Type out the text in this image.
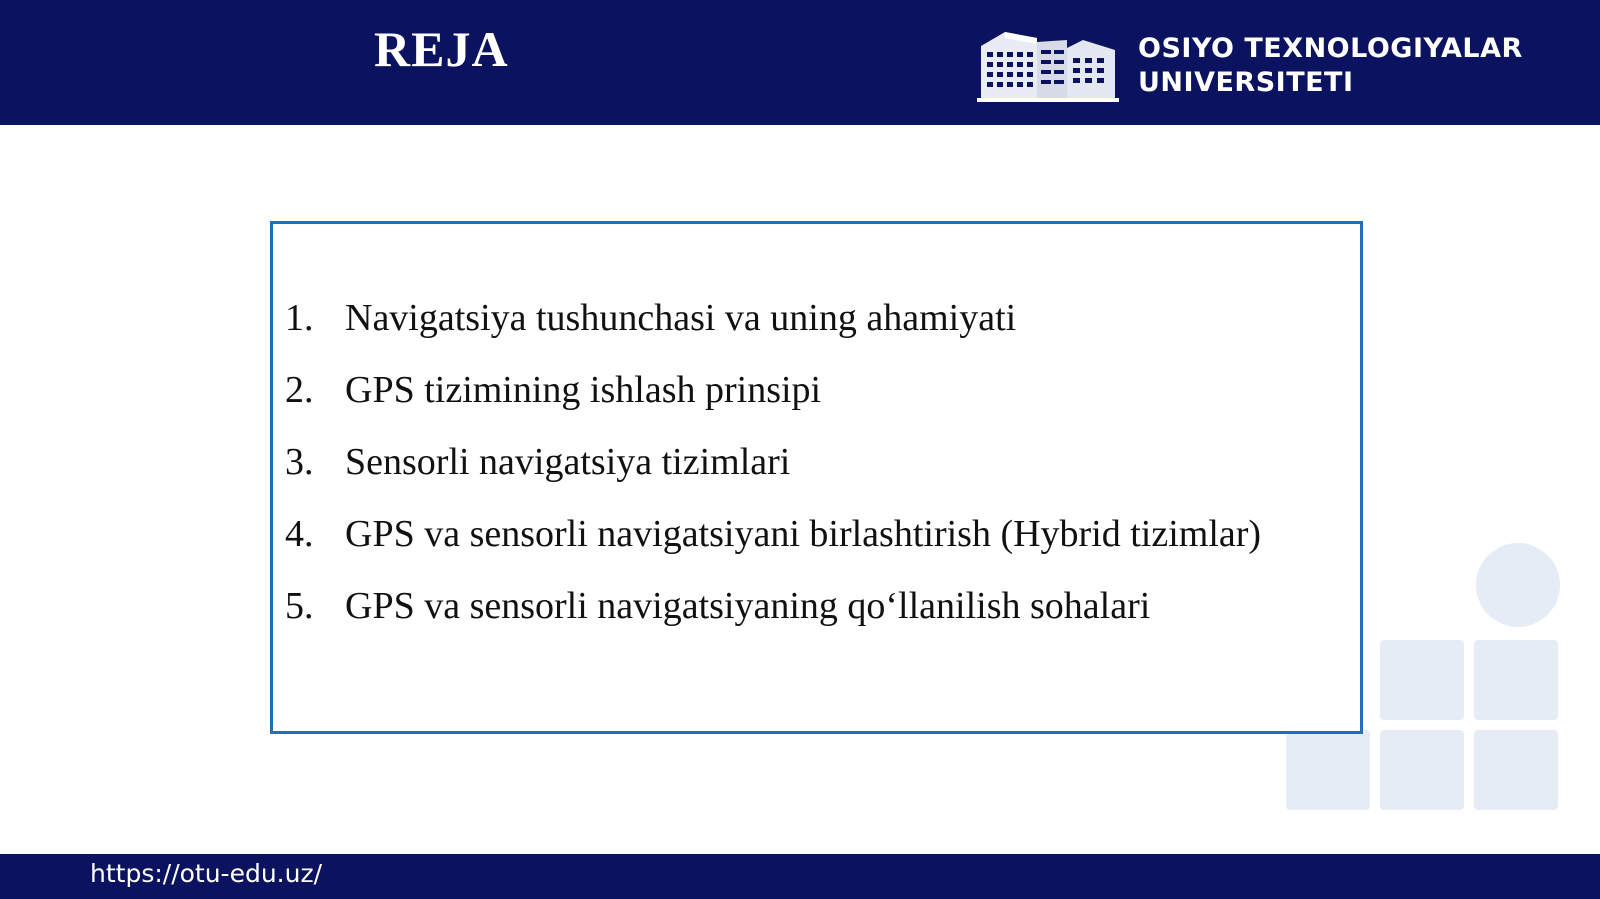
REJA	OSIYO TEXNOLOGIYALAR
UNIVERSITETI
1. Navigatsiya tushunchasi va uning ahamiyati
2. GPS tizimining ishlash prinsipi
3. Sensorli navigatsiya tizimlari
4. GPS va sensorli navigatsiyani birlashtirish (Hybrid tizimlar)
5. GPS va sensorli navigatsiyaning qo‘llanilish sohalari
https://otu-edu.uz/
